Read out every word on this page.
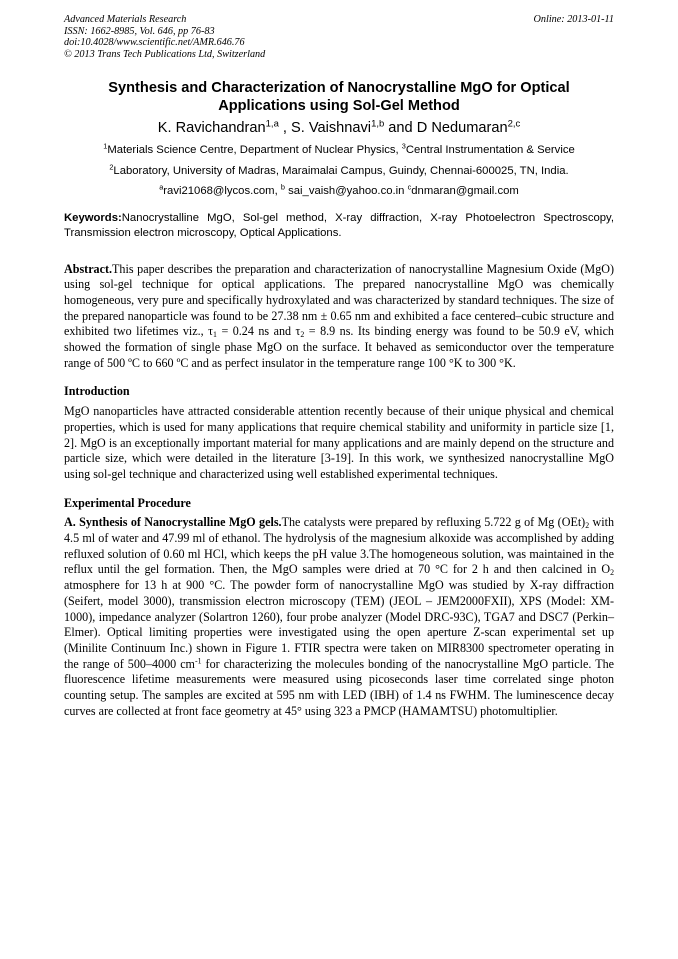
Advanced Materials Research
ISSN: 1662-8985, Vol. 646, pp 76-83
doi:10.4028/www.scientific.net/AMR.646.76
© 2013 Trans Tech Publications Ltd, Switzerland
Online: 2013-01-11
Synthesis and Characterization of Nanocrystalline MgO for Optical
Applications using Sol-Gel Method
K. Ravichandran$^{1,a}$ , S. Vaishnavi$^{1,b}$ and D Nedumaran$^{2,c}$
$^1$Materials Science Centre, Department of Nuclear Physics, $^3$Central Instrumentation & Service
$^2$Laboratory, University of Madras, Maraimalai Campus, Guindy, Chennai-600025, TN, India.
$^a$ravi21068@lycos.com, $^b$ sai_vaish@yahoo.co.in $^c$dnmaran@gmail.com
Keywords:Nanocrystalline MgO, Sol-gel method, X-ray diffraction, X-ray Photoelectron Spectroscopy, Transmission electron microscopy, Optical Applications.

Abstract.This paper describes the preparation and characterization of nanocrystalline Magnesium Oxide (MgO) using sol-gel technique for optical applications. The prepared nanocrystalline MgO was chemically homogeneous, very pure and specifically hydroxylated and was characterized by standard techniques. The size of the prepared nanoparticle was found to be 27.38 nm ± 0.65 nm and exhibited a face centered–cubic structure and exhibited two lifetimes viz., $\tau_1 = 0.24$ ns and $\tau_2 = 8.9$ ns. Its binding energy was found to be 50.9 eV, which showed the formation of single phase MgO on the surface. It behaved as semiconductor over the temperature range of 500 ºC to 660 ºC and as perfect insulator in the temperature range 100 °K to 300 °K.

Introduction

MgO nanoparticles have attracted considerable attention recently because of their unique physical and chemical properties, which is used for many applications that require chemical stability and uniformity in particle size [1, 2]. MgO is an exceptionally important material for many applications and are mainly depend on the structure and particle size, which were detailed in the literature [3-19]. In this work, we synthesized nanocrystalline MgO using sol-gel technique and characterized using well established experimental techniques.

Experimental Procedure

A. Synthesis of Nanocrystalline MgO gels.The catalysts were prepared by refluxing 5.722 g of Mg $(OEt)_2$ with 4.5 ml of water and 47.99 ml of ethanol. The hydrolysis of the magnesium alkoxide was accomplished by adding refluxed solution of 0.60 ml HCl, which keeps the pH value 3.The homogeneous solution, was maintained in the reflux until the gel formation. Then, the MgO samples were dried at 70 °C for 2 h and then calcined in $O_2$ atmosphere for 13 h at 900 °C. The powder form of nanocrystalline MgO was studied by X-ray diffraction (Seifert, model 3000), transmission electron microscopy (TEM) (JEOL – JEM2000FXII), XPS (Model: XM-1000), impedance analyzer (Solartron 1260), four probe analyzer (Model DRC-93C), TGA7 and DSC7 (Perkin–Elmer). Optical limiting properties were investigated using the open aperture Z-scan experimental set up (Minilite Continuum Inc.) shown in Figure 1. FTIR spectra were taken on MIR8300 spectrometer operating in the range of 500–4000 $cm^{-1}$ for characterizing the molecules bonding of the nanocrystalline MgO particle. The fluorescence lifetime measurements were measured using picoseconds laser time correlated singe photon counting setup. The samples are excited at 595 nm with LED (IBH) of 1.4 ns FWHM. The luminescence decay curves are collected at front face geometry at 45° using 323 a PMCP (HAMAMTSU) photomultiplier.
